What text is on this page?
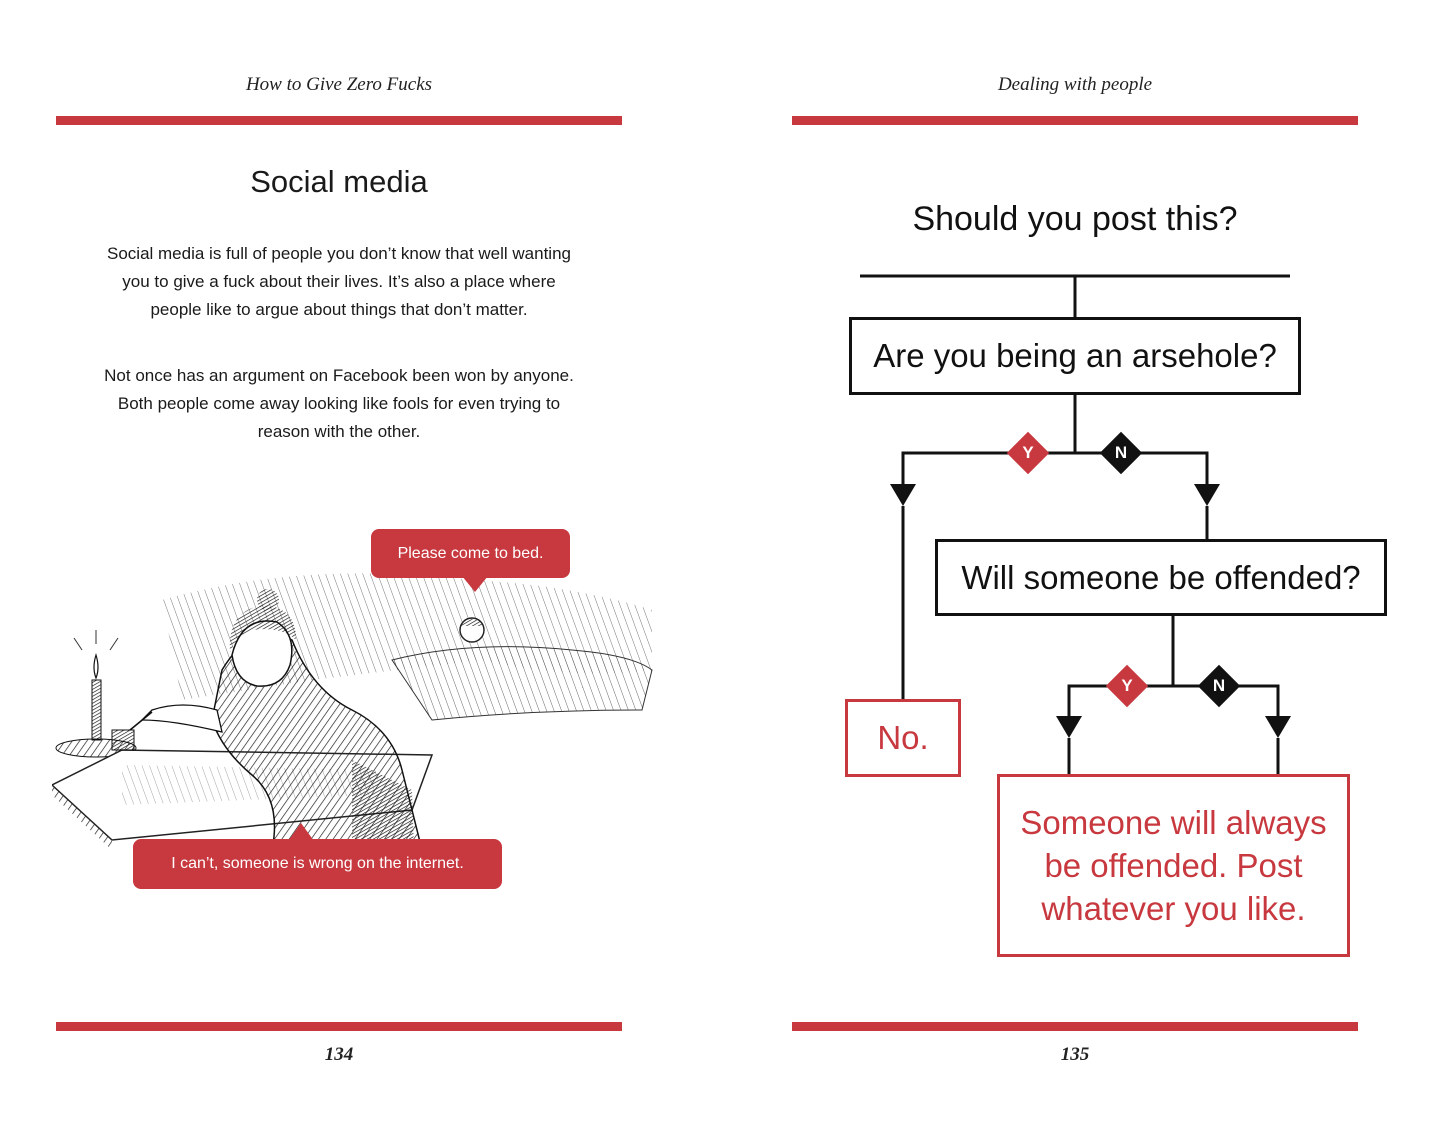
How to Give Zero Fucks
Social media
Social media is full of people you don’t know that well wanting you to give a fuck about their lives. It’s also a place where people like to argue about things that don’t matter.
Not once has an argument on Facebook been won by anyone. Both people come away looking like fools for even trying to reason with the other.
Please come to bed.
I can’t, someone is wrong on the internet.
134
Dealing with people
Should you post this?
Are you being an arsehole?
Y	N
Will someone be offended?
No.
Y	N
Someone will always be offended. Post whatever you like.
135
